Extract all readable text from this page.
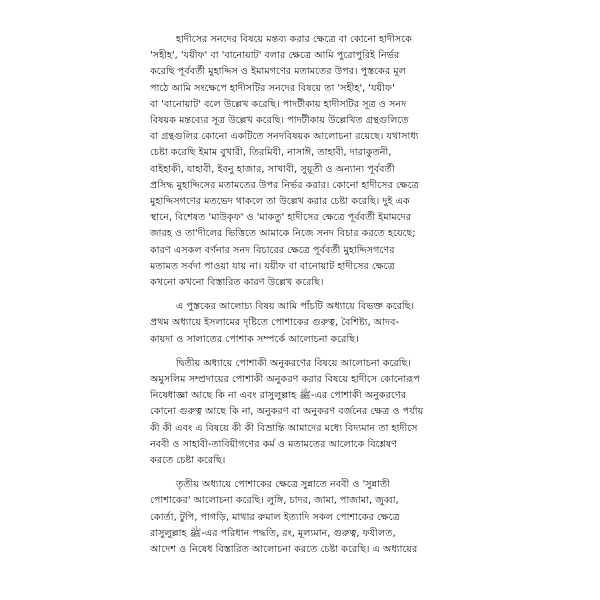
হাদীসের সনদের বিষয়ে মন্তব্য করার ক্ষেত্রে বা কোনো হাদীসকে
'সহীহ', 'যয়ীফ' বা 'বানোয়াট' বলার ক্ষেত্রে আমি পুরোপুরিই নির্ভর
করেছি পূর্ববর্তী মুহাদ্দিস ও ইমামগণের মতামতের উপর। পুস্তকের মূল
পাঠে আমি সংক্ষেপে হাদীসটির সনদের বিষয়ে তা 'সহীহ', 'যয়ীফ'
বা 'বানোয়াট' বলে উল্লেখ করেছি। পাদটীকায় হাদীসটির সূত্র ও সনদ
বিষয়ক মন্তব্যের সূত্র উল্লেখ করেছি। পাদটীকায় উল্লেখিত গ্রন্থগুলিতে
বা গ্রন্থগুলির কোনো একটিতে সনদবিষয়ক আলোচনা রয়েছে। যথাসাধ্য
চেষ্টা করেছি ইমাম বুখারী, তিরমিযী, নাসাঈ, তাহাবী, দারাকুতনী,
বাইহাকী, যাহাবী, ইবনু হাজার, সাখাবী, সুয়ূতী ও অন্যান্য পূর্ববর্তী
প্রসিদ্ধ মুহাদ্দিসের মতামতের উপর নির্ভর করার। কোনো হাদীসের ক্ষেত্রে
মুহাদ্দিসগণের মতভেদ থাকলে তা উল্লেখ করার চেষ্টা করেছি। দুই এক
স্থানে, বিশেষত 'মাউকৃফ' ও 'মাকতু' হাদীসের ক্ষেত্রে পূর্ববর্তী ইমামদের
জারহ ও তা'দীলের ভিত্তিতে আমাকে নিজে সনদ বিচার করতে হয়েছে;
কারণ এসকল বর্ণনার সনদ বিচারের ক্ষেত্রে পূর্ববর্তী মুহাদ্দিসগণের
মতামত সর্বদা পাওয়া যায় না। যয়ীফ বা বানোয়াট হাদীসের ক্ষেত্রে
কখনো কখনো বিস্তারিত কারণ উল্লেখ করেছি।
এ পুস্তকের আলোচ্য বিষয় আমি পাঁচটি অধ্যায়ে বিভক্ত করেছি।
প্রথম অধ্যায়ে ইসলামের দৃষ্টিতে পোশাকের গুরুত্ব, বৈশিষ্ট্য, আদব-
কায়দা ও সালাতের পোশাক সম্পর্কে আলোচনা করেছি।
দ্বিতীয় অধ্যায়ে পোশাকী অনুকরণের বিষয়ে আলোচনা করেছি।
অমুসলিম সম্প্রদায়ের পোশাকী অনুকরণ করার বিষয়ে হাদীসে কোনোরূপ
নিষেধাজ্ঞা আছে কি না এবং রাসুলুল্লাহ ﷺ-এর পোশাকী অনুকরণের
কোনো গুরুত্ব আছে কি না, অনুকরণ বা অনুকরণ বর্জনের ক্ষেত্র ও পর্যায়
কী কী এবং এ বিষয়ে কী কী বিভ্রান্তি আমাদের মধ্যে বিদ্যমান তা হাদীসে
নববী ও সাহাবী-তাবিয়ীগণের কর্ম ও মতামতের আলোকে বিশ্লেষণ
করতে চেষ্টা করেছি।
তৃতীয় অধ্যায়ে পোশাকের ক্ষেত্রে সুন্নাতে নববী ও 'সুন্নাতী
পোশাকের' আলোচনা করেছি। লুঙ্গি, চাদর, জামা, পাজামা, জুব্বা,
কোর্তা, টুপি, পাগড়ি, মাথার রুমাল ইত্যাদি সকল পোশাকের ক্ষেত্রে
রাসুলুল্লাহ ﷺ-এর পরিধান পদ্ধতি, রং, মূল্যমান, গুরুত্ব, ফযীলত,
আদেশ ও নিষেধ বিস্তারিত আলোচনা করতে চেষ্টা করেছি। এ অধ্যায়ের
